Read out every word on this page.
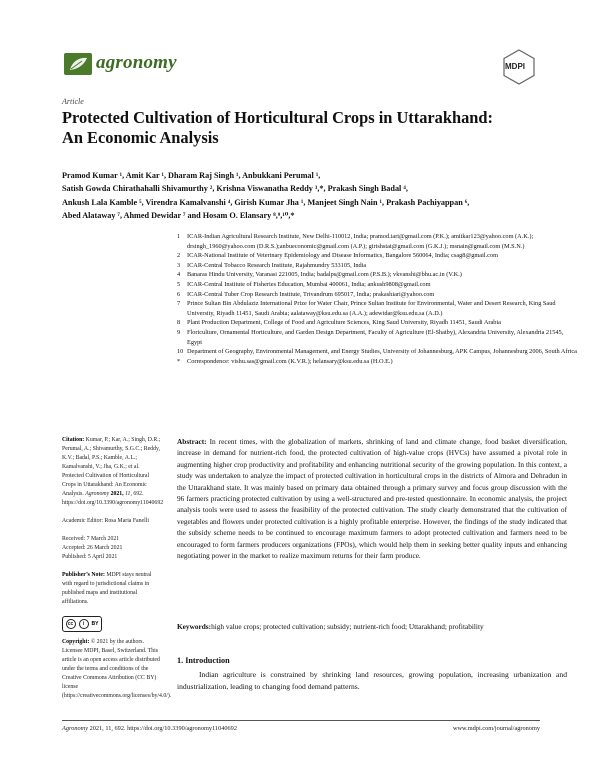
agronomy	MDPI
Article
Protected Cultivation of Horticultural Crops in Uttarakhand:
An Economic Analysis
Pramod Kumar ¹, Amit Kar ¹, Dharam Raj Singh ¹, Anbukkani Perumal ¹,
Satish Gowda Chirathahalli Shivamurthy ², Krishna Viswanatha Reddy ³,*, Prakash Singh Badal ⁴,
Ankush Lala Kamble ⁵, Virendra Kamalvanshi ⁴, Girish Kumar Jha ¹, Manjeet Singh Nain ¹, Prakash Pachiyappan ⁶,
Abed Alataway ⁷, Ahmed Dewidar ⁷ and Hosam O. Elansary ⁸,⁹,¹⁰,*
1	ICAR-Indian Agricultural Research Institute, New Delhi-110012, India; pramod.iari@gmail.com (P.K.); amitkar123@yahoo.com (A.K.); drsingh_1960@yahoo.com (D.R.S.);anbueconomic@gmail.com (A.P.); girishstat@gmail.com (G.K.J.); msnain@gmail.com (M.S.N.)
2	ICAR-National Institute of Veterinary Epidemiology and Disease Informatics, Bangalore 560064, India; csag8@gmail.com
3	ICAR-Central Tobacco Research Institute, Rajahmundry 533105, India
4	Banaras Hindu University, Varanasi 221005, India; badalps@gmail.com (P.S.B.); vkvanshi@bhu.ac.in (V.K.)
5	ICAR-Central Institute of Fisheries Education, Mumbai 400061, India; ankush9808@gmail.com
6	ICAR-Central Tuber Crop Research Institute, Trivandrum 695017, India; prakashiari@yahoo.com
7	Prince Sultan Bin Abdulaziz International Prize for Water Chair, Prince Sultan Institute for Environmental, Water and Desert Research, King Saud University, Riyadh 11451, Saudi Arabia; aalataway@ksu.edu.sa (A.A.); adewidar@ksu.edu.sa (A.D.)
8	Plant Production Department, College of Food and Agriculture Sciences, King Saud University, Riyadh 11451, Saudi Arabia
9	Floriculture, Ornamental Horticulture, and Garden Design Department, Faculty of Agriculture (El-Shatby), Alexandria University, Alexandria 21545, Egypt
10 Department of Geography, Environmental Management, and Energy Studies, University of Johannesburg, APK Campus, Johannesburg 2006, South Africa
*	Correspondence: vishu.sas@gmail.com (K.V.R.); helansary@ksu.edu.sa (H.O.E.)
Citation: Kumar, P.; Kar, A.; Singh, D.R.; Perumal, A.; Shivamurthy, S.G.C.; Reddy, K.V.; Badal, P.S.; Kamble, A.L.; Kamalvanshi, V.; Jha, G.K.; et al. Protected Cultivation of Horticultural Crops in Uttarakhand: An Economic Analysis. Agronomy 2021, 11, 692. https://doi.org/10.3390/agronomy11040692
Academic Editor: Rosa Maria Fanelli
Received: 7 March 2021
Accepted: 26 March 2021
Published: 5 April 2021
Publisher’s Note: MDPI stays neutral with regard to jurisdictional claims in published maps and institutional affiliations.
cc	i	BY
Copyright: © 2021 by the authors. Licensee MDPI, Basel, Switzerland. This article is an open access article distributed under the terms and conditions of the Creative Commons Attribution (CC BY) license (https://creativecommons.org/licenses/by/4.0/).
Abstract: In recent times, with the globalization of markets, shrinking of land and climate change, food basket diversification, increase in demand for nutrient-rich food, the protected cultivation of high-value crops (HVCs) have assumed a pivotal role in augmenting higher crop productivity and profitability and enhancing nutritional security of the growing population. In this context, a study was undertaken to analyze the impact of protected cultivation in horticultural crops in the districts of Almora and Dehradun in the Uttarakhand state. It was mainly based on primary data obtained through a primary survey and focus group discussion with the 96 farmers practicing protected cultivation by using a well-structured and pre-tested questionnaire. In economic analysis, the project analysis tools were used to assess the feasibility of the protected cultivation. The study clearly demonstrated that the cultivation of vegetables and flowers under protected cultivation is a highly profitable enterprise. However, the findings of the study indicated that the subsidy scheme needs to be continued to encourage maximum farmers to adopt protected cultivation and farmers need to be encouraged to form farmers producers organizations (FPOs), which would help them in seeking better quality inputs and enhancing negotiating power in the market to realize maximum returns for their farm produce.
Keywords:high value crops; protected cultivation; subsidy; nutrient-rich food; Uttarakhand; profitability
1. Introduction
Indian agriculture is constrained by shrinking land resources, growing population, increasing urbanization and industrialization, leading to changing food demand patterns.
Agronomy 2021, 11, 692. https://doi.org/10.3390/agronomy11040692	www.mdpi.com/journal/agronomy
